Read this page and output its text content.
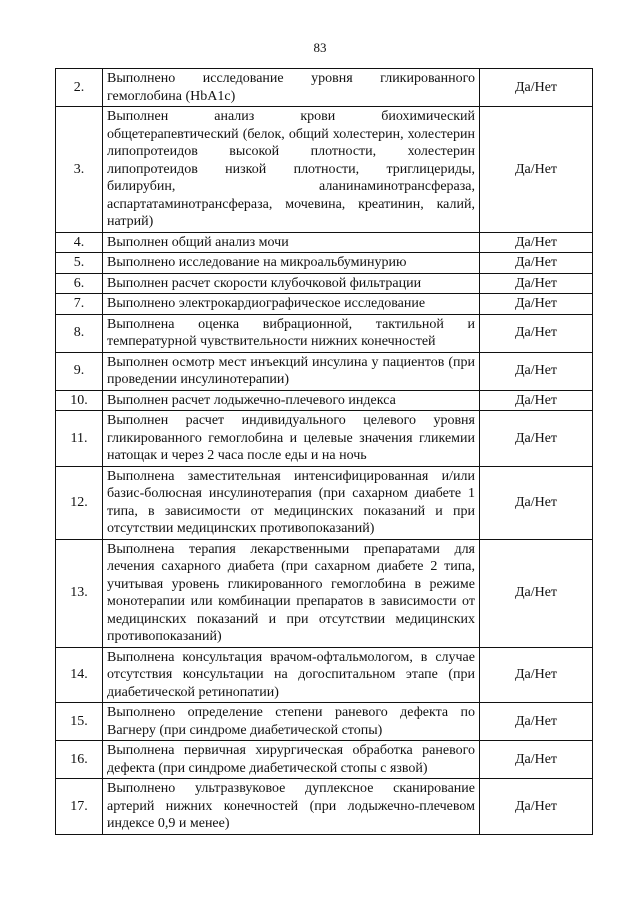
83
2.	Выполнено исследование уровня гликированного гемоглобина (HbA1c)	Да/Нет
3.	Выполнен анализ крови биохимический общетерапевтический (белок, общий холестерин, холестерин липопротеидов высокой плотности, холестерин липопротеидов низкой плотности, триглицериды, билирубин, аланинаминотрансфераза, аспартатаминотрансфераза, мочевина, креатинин, калий, натрий)	Да/Нет
4.	Выполнен общий анализ мочи	Да/Нет
5.	Выполнено исследование на микроальбуминурию	Да/Нет
6.	Выполнен расчет скорости клубочковой фильтрации	Да/Нет
7.	Выполнено электрокардиографическое исследование	Да/Нет
8.	Выполнена оценка вибрационной, тактильной и температурной чувствительности нижних конечностей	Да/Нет
9.	Выполнен осмотр мест инъекций инсулина у пациентов (при проведении инсулинотерапии)	Да/Нет
10.	Выполнен расчет лодыжечно-плечевого индекса	Да/Нет
11.	Выполнен расчет индивидуального целевого уровня гликированного гемоглобина и целевые значения гликемии натощак и через 2 часа после еды и на ночь	Да/Нет
12.	Выполнена заместительная интенсифицированная и/или базис-болюсная инсулинотерапия (при сахарном диабете 1 типа, в зависимости от медицинских показаний и при отсутствии медицинских противопоказаний)	Да/Нет
13.	Выполнена терапия лекарственными препаратами для лечения сахарного диабета (при сахарном диабете 2 типа, учитывая уровень гликированного гемоглобина в режиме монотерапии или комбинации препаратов в зависимости от медицинских показаний и при отсутствии медицинских противопоказаний)	Да/Нет
14.	Выполнена консультация врачом-офтальмологом, в случае отсутствия консультации на догоспитальном этапе (при диабетической ретинопатии)	Да/Нет
15.	Выполнено определение степени раневого дефекта по Вагнеру (при синдроме диабетической стопы)	Да/Нет
16.	Выполнена первичная хирургическая обработка раневого дефекта (при синдроме диабетической стопы с язвой)	Да/Нет
17.	Выполнено ультразвуковое дуплексное сканирование артерий нижних конечностей (при лодыжечно-плечевом индексе 0,9 и менее)	Да/Нет
